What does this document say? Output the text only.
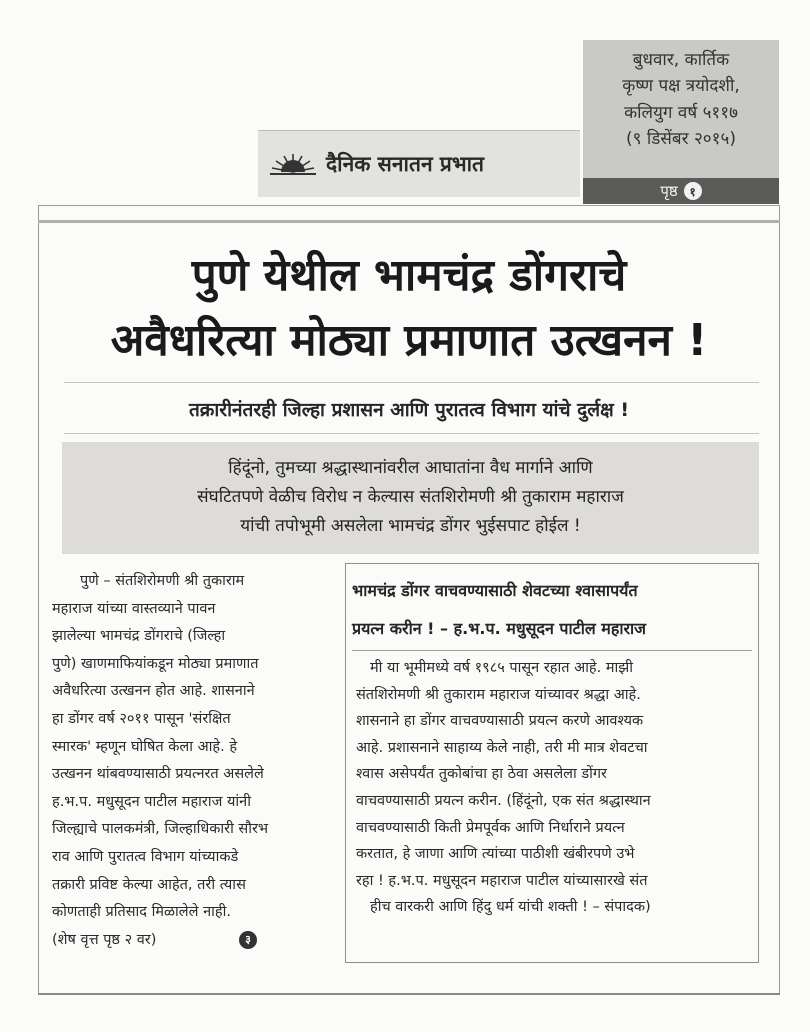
दैनिक सनातन प्रभात
बुधवार, कार्तिक
कृष्ण पक्ष त्रयोदशी,
कलियुग वर्ष ५११७
(९ डिसेंबर २०१५)
पृष्ठ १
पुणे येथील भामचंद्र डोंगराचे
अवैधरित्या मोठ्या प्रमाणात उत्खनन !
तक्रारीनंतरही जिल्हा प्रशासन आणि पुरातत्व विभाग यांचे दुर्लक्ष !
हिंदूंनो, तुमच्या श्रद्धास्थानांवरील आघातांना वैध मार्गाने आणि
संघटितपणे वेळीच विरोध न केल्यास संतशिरोमणी श्री तुकाराम महाराज
यांची तपोभूमी असलेला भामचंद्र डोंगर भुईसपाट होईल !
पुणे – संतशिरोमणी श्री तुकाराम
महाराज यांच्या वास्तव्याने पावन
झालेल्या भामचंद्र डोंगराचे (जिल्हा
पुणे) खाणमाफियांकडून मोठ्या प्रमाणात
अवैधरित्या उत्खनन होत आहे. शासनाने
हा डोंगर वर्ष २०११ पासून 'संरक्षित
स्मारक' म्हणून घोषित केला आहे. हे
उत्खनन थांबवण्यासाठी प्रयत्नरत असलेले
ह.भ.प. मधुसूदन पाटील महाराज यांनी
जिल्ह्याचे पालकमंत्री, जिल्हाधिकारी सौरभ
राव आणि पुरातत्व विभाग यांच्याकडे
तक्रारी प्रविष्ट केल्या आहेत, तरी त्यास
कोणताही प्रतिसाद मिळालेले नाही.
(शेष वृत्त पृष्ठ २ वर)	३
भामचंद्र डोंगर वाचवण्यासाठी शेवटच्या श्वासापर्यंत
प्रयत्न करीन ! – ह.भ.प. मधुसूदन पाटील महाराज
मी या भूमीमध्ये वर्ष १९८५ पासून रहात आहे. माझी
संतशिरोमणी श्री तुकाराम महाराज यांच्यावर श्रद्धा आहे.
शासनाने हा डोंगर वाचवण्यासाठी प्रयत्न करणे आवश्यक
आहे. प्रशासनाने साहाय्य केले नाही, तरी मी मात्र शेवटचा
श्वास असेपर्यंत तुकोबांचा हा ठेवा असलेला डोंगर
वाचवण्यासाठी प्रयत्न करीन. (हिंदूंनो, एक संत श्रद्धास्थान
वाचवण्यासाठी किती प्रेमपूर्वक आणि निर्धाराने प्रयत्न
करतात, हे जाणा आणि त्यांच्या पाठीशी खंबीरपणे उभे
रहा ! ह.भ.प. मधुसूदन महाराज पाटील यांच्यासारखे संत
हीच वारकरी आणि हिंदु धर्म यांची शक्ती ! – संपादक)
